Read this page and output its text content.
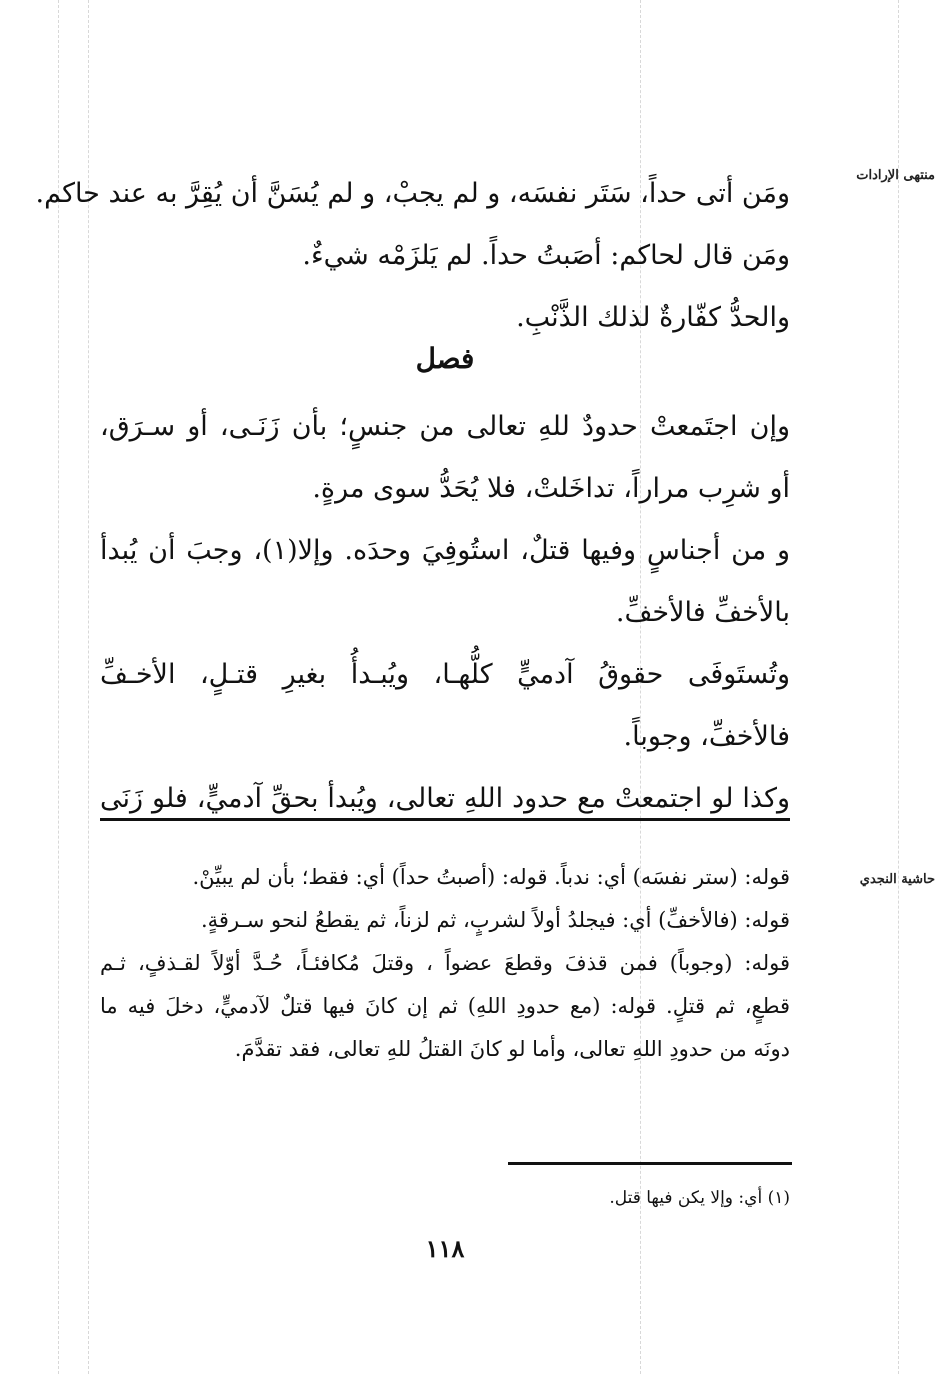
منتهى الإرادات
حاشية النجدي
ومَن أتى حداً، سَتَر نفسَه، و لم يجبْ، و لم يُسَنَّ أن يُقِرَّ به عند حاكم.
ومَن قال لحاكم: أصَبتُ حداً. لم يَلزَمْه شيءٌ.
والحدُّ كفّارةٌ لذلك الذَّنْبِ.
فصل
وإن اجتَمعتْ حدودٌ للهِ تعالى من جنسٍ؛ بأن زَنَـى، أو سـرَق،
أو شرِب مراراً، تداخَلتْ، فلا يُحَدُّ سوى مرةٍ.
و من أجناسٍ وفيها قتلٌ، استُوفِيَ وحدَه. وإلا(١)، وجبَ أن يُبدأ
بالأخفِّ فالأخفِّ.
وتُستَوفَى حقوقُ آدميٍّ كلُّهـا، ويُبـدأُ بغيرِ قتـلٍ، الأخـفِّ
فالأخفِّ، وجوباً.
وكذا لو اجتمعتْ مع حدود اللهِ تعالى، ويُبدأ بحقِّ آدميٍّ، فلو زَنَى
قوله: (ستر نفسَه) أي: ندباً. قوله: (أصبتُ حداً) أي: فقط؛ بأن لم يبيِّنْ.
قوله: (فالأخفِّ) أي: فيجلدُ أولاً لشربٍ، ثم لزناً، ثم يقطعُ لنحو سـرقةٍ.
قوله: (وجوباً) فمن قذفَ وقطعَ عضواً ، وقتلَ مُكافئـاً، حُـدَّ أوّلاً لقـذفٍ، ثـم
قطعٍ، ثم قتلٍ. قوله: (مع حدودِ اللهِ) ثم إن كانَ فيها قتلٌ لآدميٍّ، دخلَ فيه ما
دونَه من حدودِ اللهِ تعالى، وأما لو كانَ القتلُ للهِ تعالى، فقد تقدَّمَ.
(١) أي: وإلا يكن فيها قتل.
١١٨
